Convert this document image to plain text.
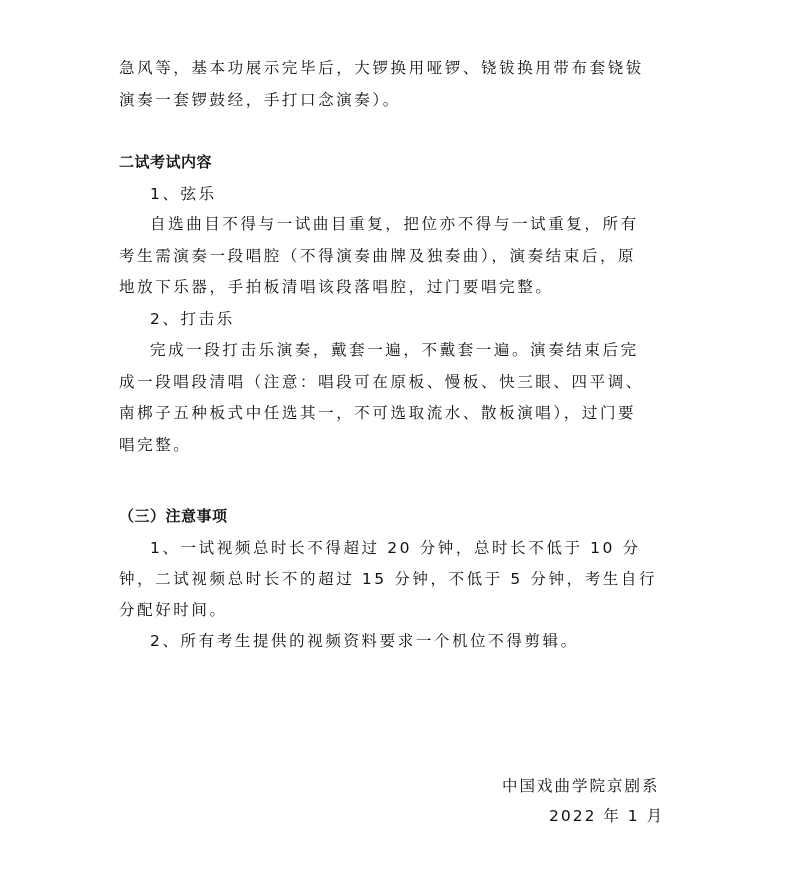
急风等，基本功展示完毕后，大锣换用哑锣、铙钹换用带布套铙钹
演奏一套锣鼓经，手打口念演奏）。
二试考试内容
1、弦乐
自选曲目不得与一试曲目重复，把位亦不得与一试重复，所有
考生需演奏一段唱腔（不得演奏曲牌及独奏曲），演奏结束后，原
地放下乐器，手拍板清唱该段落唱腔，过门要唱完整。
2、打击乐
完成一段打击乐演奏，戴套一遍，不戴套一遍。演奏结束后完
成一段唱段清唱（注意：唱段可在原板、慢板、快三眼、四平调、
南梆子五种板式中任选其一，不可选取流水、散板演唱），过门要
唱完整。
（三）注意事项
1、一试视频总时长不得超过 20 分钟，总时长不低于 10 分
钟，二试视频总时长不的超过 15 分钟，不低于 5 分钟，考生自行
分配好时间。
2、所有考生提供的视频资料要求一个机位不得剪辑。
中国戏曲学院京剧系
2022 年 1 月
